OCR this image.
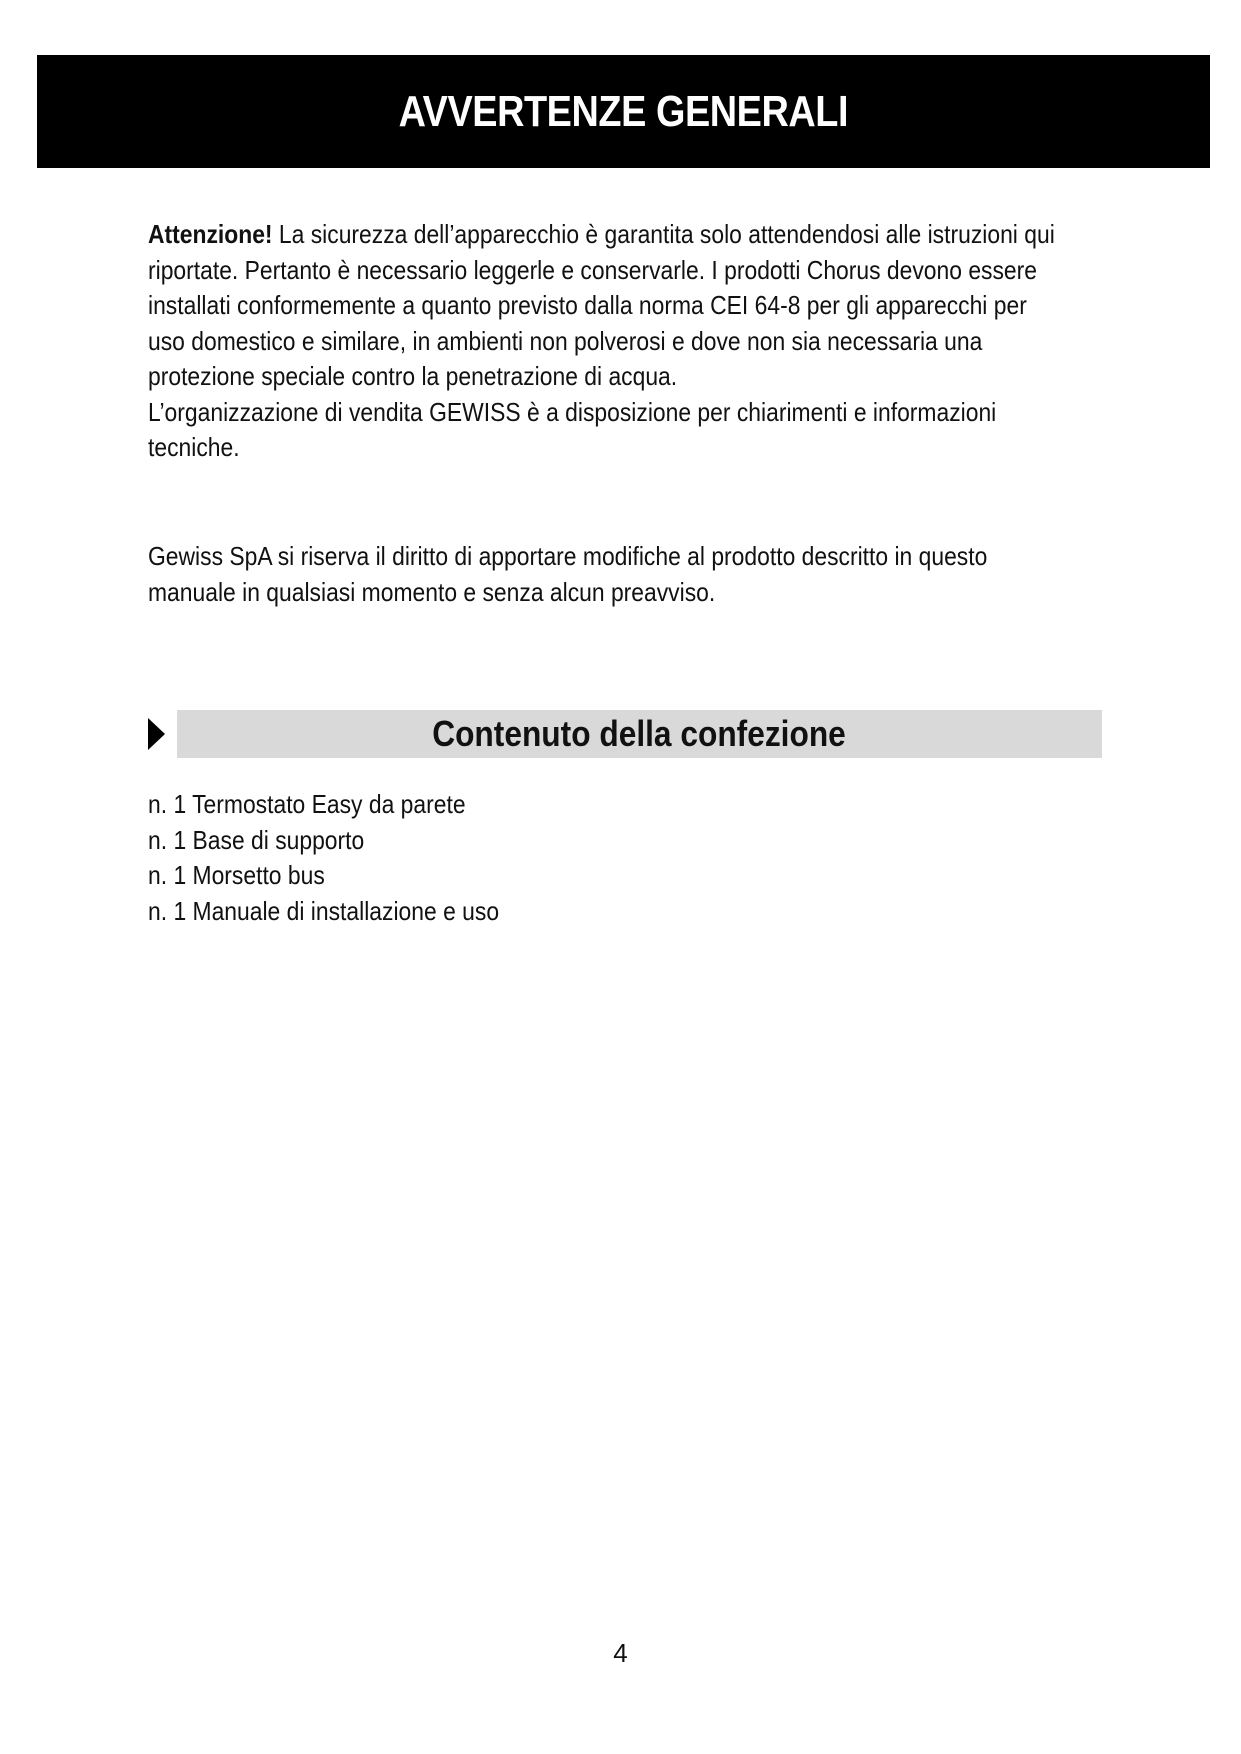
AVVERTENZE GENERALI
Attenzione! La sicurezza dell’apparecchio è garantita solo attendendosi alle istruzioni qui
riportate. Pertanto è necessario leggerle e conservarle. I prodotti Chorus devono essere
installati conformemente a quanto previsto dalla norma CEI 64-8 per gli apparecchi per
uso domestico e similare, in ambienti non polverosi e dove non sia necessaria una
protezione speciale contro la penetrazione di acqua.
L’organizzazione di vendita GEWISS è a disposizione per chiarimenti e informazioni
tecniche.
Gewiss SpA si riserva il diritto di apportare modifiche al prodotto descritto in questo
manuale in qualsiasi momento e senza alcun preavviso.
Contenuto della confezione
n. 1 Termostato Easy da parete
n. 1 Base di supporto
n. 1 Morsetto bus
n. 1 Manuale di installazione e uso
4
